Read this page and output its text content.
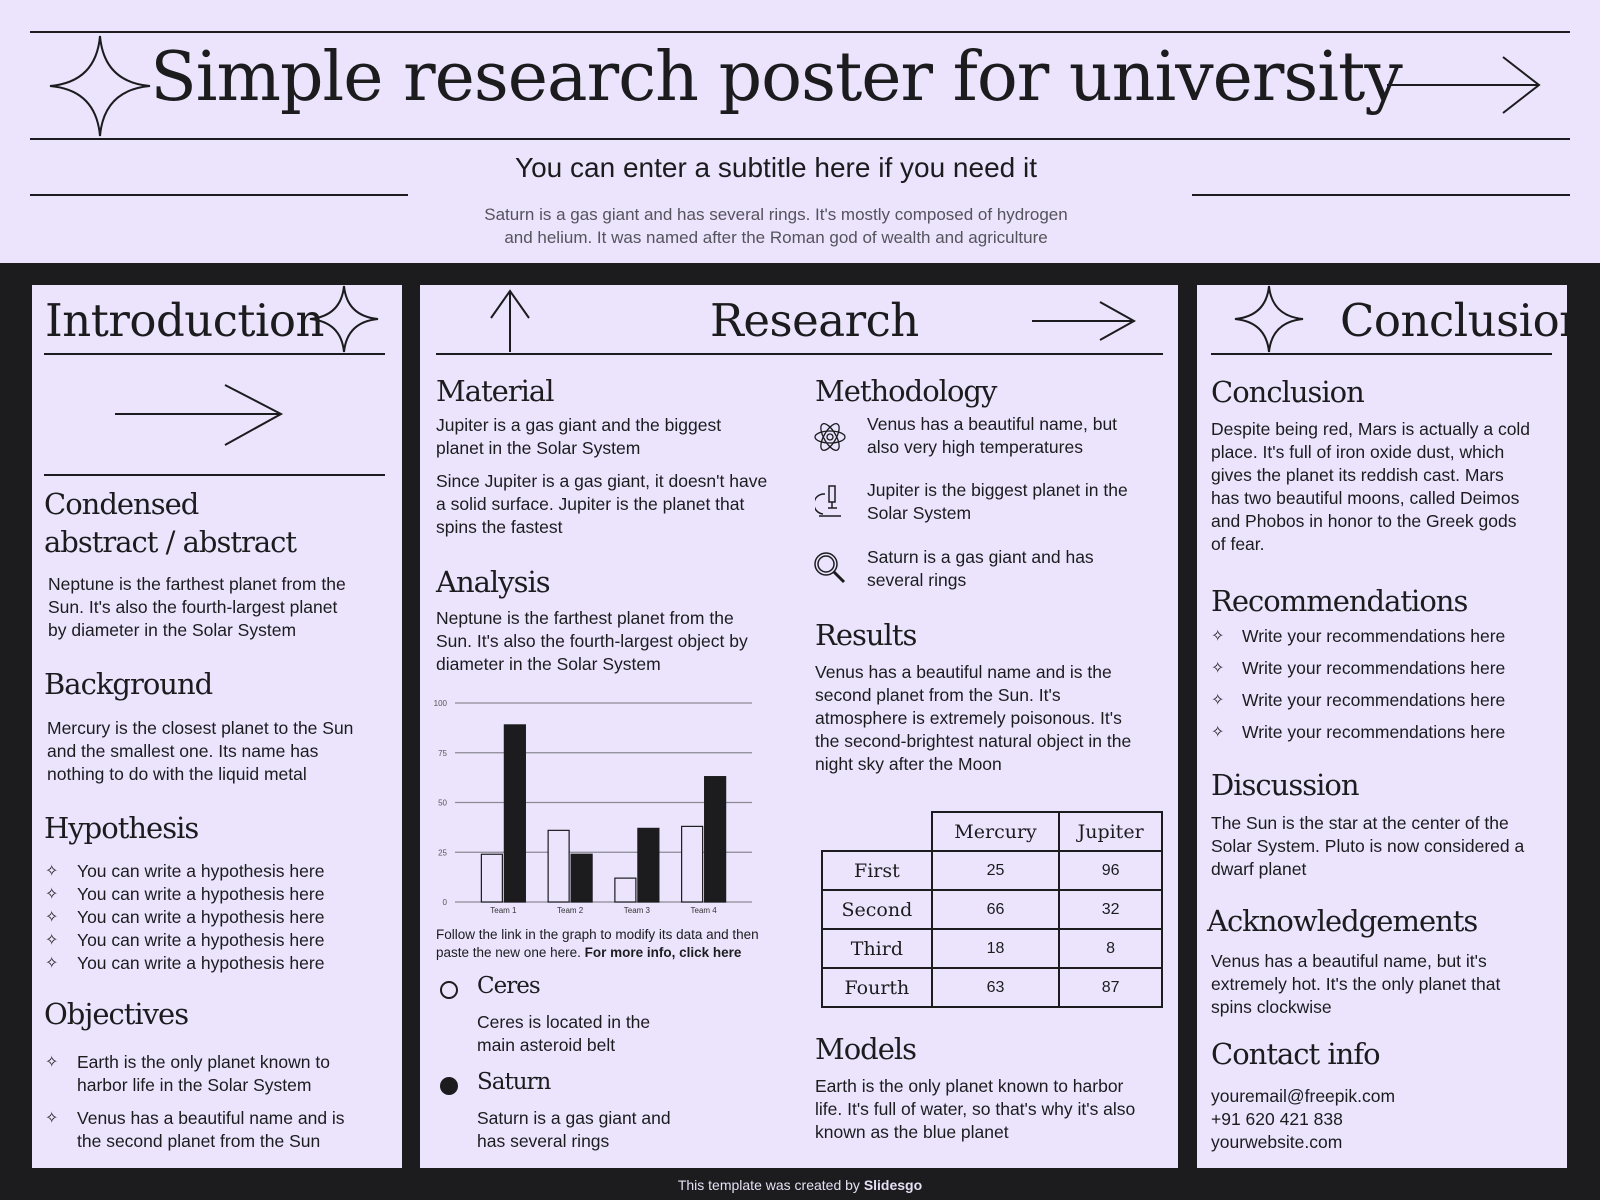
Simple research poster for university
You can enter a subtitle here if you need it
Saturn is a gas giant and has several rings. It's mostly composed of hydrogen
and helium. It was named after the Roman god of wealth and agriculture
Introduction
Condensed
abstract / abstract
Neptune is the farthest planet from the
Sun. It's also the fourth-largest planet
by diameter in the Solar System
Background
Mercury is the closest planet to the Sun
and the smallest one. Its name has
nothing to do with the liquid metal
Hypothesis
✧ You can write a hypothesis here
✧ You can write a hypothesis here
✧ You can write a hypothesis here
✧ You can write a hypothesis here
✧ You can write a hypothesis here
Objectives
✧ Earth is the only planet known to
harbor life in the Solar System
✧ Venus has a beautiful name and is
the second planet from the Sun
Research
Material
Jupiter is a gas giant and the biggest
planet in the Solar System
Since Jupiter is a gas giant, it doesn't have
a solid surface. Jupiter is the planet that
spins the fastest
Analysis
Neptune is the farthest planet from the
Sun. It's also the fourth-largest object by
diameter in the Solar System
0
25
50
75
100
Team 1	Team 2	Team 3	Team 4
Follow the link in the graph to modify its data and then
paste the new one here. For more info, click here
Ceres
Ceres is located in the
main asteroid belt
Saturn
Saturn is a gas giant and
has several rings
Methodology
Venus has a beautiful name, but
also very high temperatures
Jupiter is the biggest planet in the
Solar System
Saturn is a gas giant and has
several rings
Results
Venus has a beautiful name and is the
second planet from the Sun. It's
atmosphere is extremely poisonous. It's
the second-brightest natural object in the
night sky after the Moon
	Mercury	Jupiter
First	25	96
Second	66	32
Third	18	8
Fourth	63	87
Models
Earth is the only planet known to harbor
life. It's full of water, so that's why it's also
known as the blue planet
Conclusion
Conclusion
Despite being red, Mars is actually a cold
place. It's full of iron oxide dust, which
gives the planet its reddish cast. Mars
has two beautiful moons, called Deimos
and Phobos in honor to the Greek gods
of fear.
Recommendations
✧ Write your recommendations here
✧ Write your recommendations here
✧ Write your recommendations here
✧ Write your recommendations here
Discussion
The Sun is the star at the center of the
Solar System. Pluto is now considered a
dwarf planet
Acknowledgements
Venus has a beautiful name, but it's
extremely hot. It's the only planet that
spins clockwise
Contact info
youremail@freepik.com
+91 620 421 838
yourwebsite.com
This template was created by Slidesgo
